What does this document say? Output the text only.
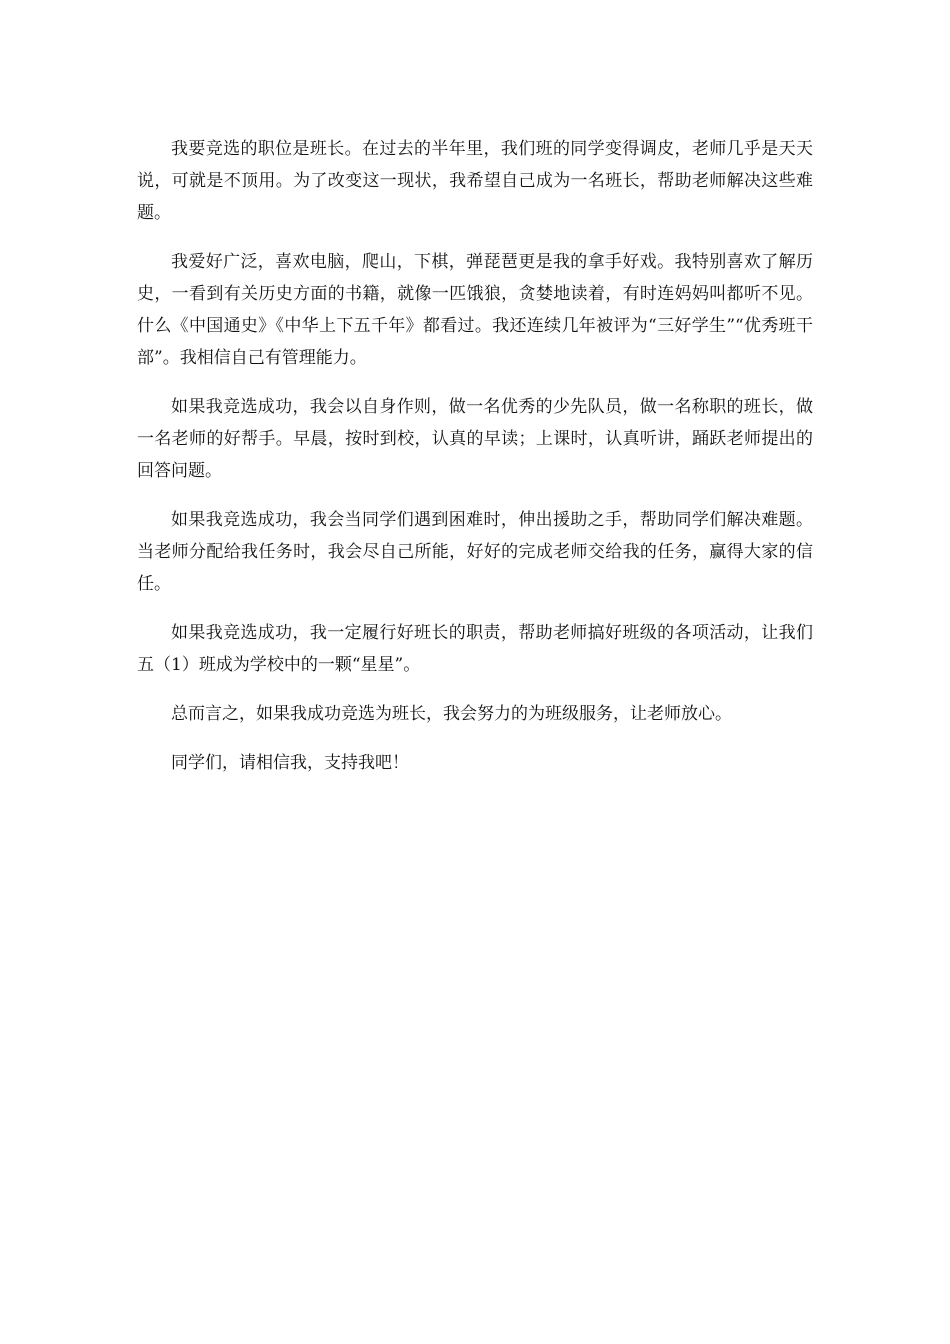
我要竞选的职位是班长。在过去的半年里，我们班的同学变得调皮，老师几乎是天天说，可就是不顶用。为了改变这一现状，我希望自己成为一名班长，帮助老师解决这些难题。

我爱好广泛，喜欢电脑，爬山，下棋，弹琵琶更是我的拿手好戏。我特别喜欢了解历史，一看到有关历史方面的书籍，就像一匹饿狼，贪婪地读着，有时连妈妈叫都听不见。什么《中国通史》《中华上下五千年》都看过。我还连续几年被评为“三好学生”“优秀班干部”。我相信自己有管理能力。

如果我竞选成功，我会以自身作则，做一名优秀的少先队员，做一名称职的班长，做一名老师的好帮手。早晨，按时到校，认真的早读；上课时，认真听讲，踊跃老师提出的回答问题。

如果我竞选成功，我会当同学们遇到困难时，伸出援助之手，帮助同学们解决难题。当老师分配给我任务时，我会尽自己所能，好好的完成老师交给我的任务，赢得大家的信任。

如果我竞选成功，我一定履行好班长的职责，帮助老师搞好班级的各项活动，让我们五（1）班成为学校中的一颗“星星”。

总而言之，如果我成功竞选为班长，我会努力的为班级服务，让老师放心。

同学们，请相信我，支持我吧！
